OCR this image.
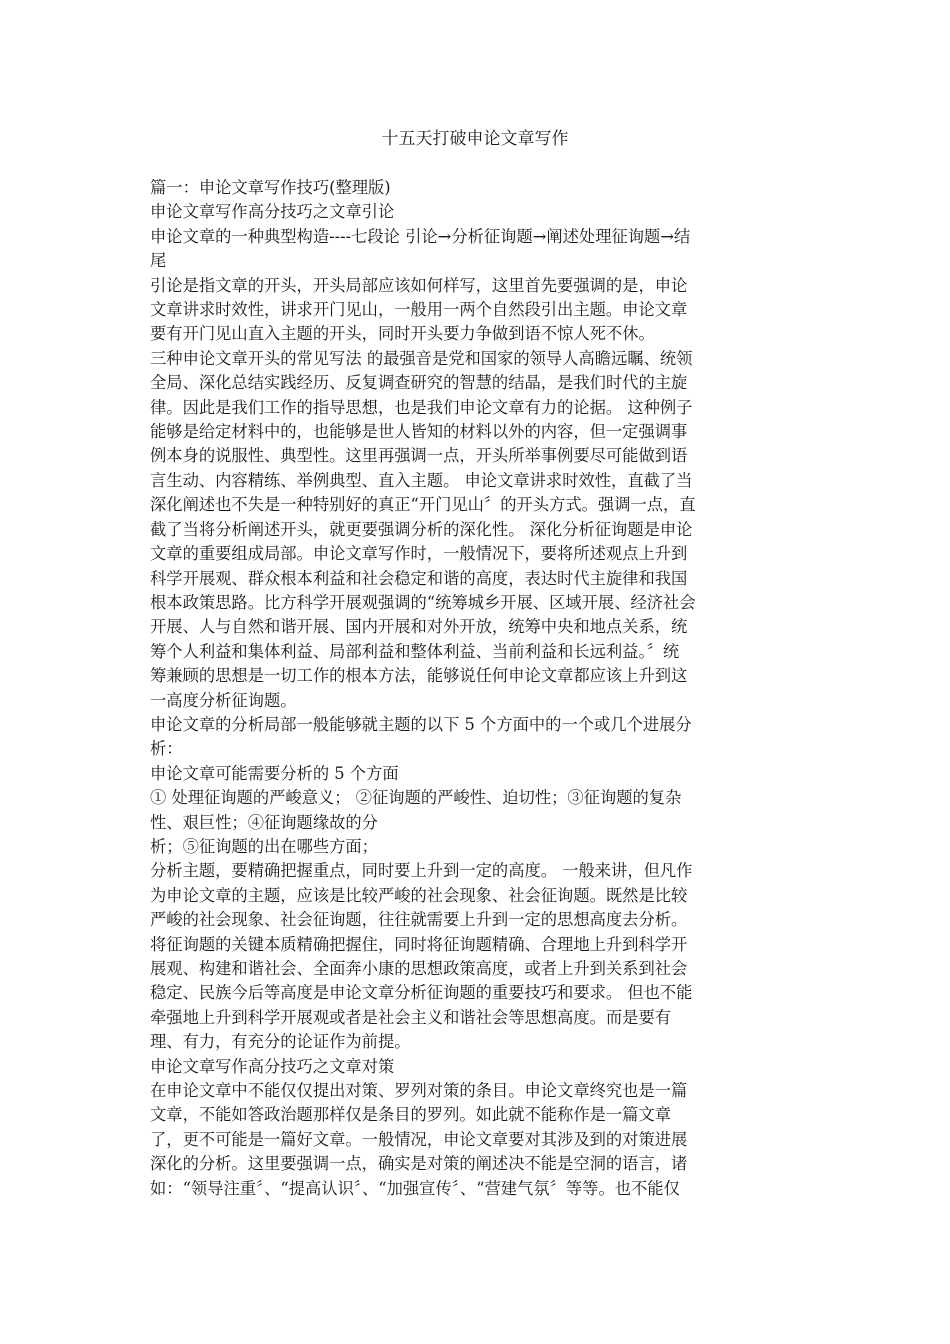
十五天打破申论文章写作
篇一：申论文章写作技巧(整理版)
申论文章写作高分技巧之文章引论
申论文章的一种典型构造----七段论 引论→分析征询题→阐述处理征询题→结
尾
引论是指文章的开头，开头局部应该如何样写，这里首先要强调的是，申论
文章讲求时效性，讲求开门见山，一般用一两个自然段引出主题。申论文章
要有开门见山直入主题的开头，同时开头要力争做到语不惊人死不休。
三种申论文章开头的常见写法 的最强音是党和国家的领导人高瞻远瞩、统领
全局、深化总结实践经历、反复调查研究的智慧的结晶，是我们时代的主旋
律。因此是我们工作的指导思想，也是我们申论文章有力的论据。 这种例子
能够是给定材料中的，也能够是世人皆知的材料以外的内容，但一定强调事
例本身的说服性、典型性。这里再强调一点，开头所举事例要尽可能做到语
言生动、内容精练、举例典型、直入主题。 申论文章讲求时效性，直截了当
深化阐述也不失是一种特别好的真正“开门见山〞的开头方式。强调一点，直
截了当将分析阐述开头，就更要强调分析的深化性。 深化分析征询题是申论
文章的重要组成局部。申论文章写作时，一般情况下，要将所述观点上升到
科学开展观、群众根本利益和社会稳定和谐的高度，表达时代主旋律和我国
根本政策思路。比方科学开展观强调的“统筹城乡开展、区域开展、经济社会
开展、人与自然和谐开展、国内开展和对外开放，统筹中央和地点关系，统
筹个人利益和集体利益、局部利益和整体利益、当前利益和长远利益。〞统
筹兼顾的思想是一切工作的根本方法，能够说任何申论文章都应该上升到这
一高度分析征询题。
申论文章的分析局部一般能够就主题的以下 5 个方面中的一个或几个进展分
析：
申论文章可能需要分析的 5 个方面
① 处理征询题的严峻意义； ②征询题的严峻性、迫切性；③征询题的复杂
性、艰巨性；④征询题缘故的分
析；⑤征询题的出在哪些方面；
分析主题，要精确把握重点，同时要上升到一定的高度。 一般来讲，但凡作
为申论文章的主题，应该是比较严峻的社会现象、社会征询题。既然是比较
严峻的社会现象、社会征询题，往往就需要上升到一定的思想高度去分析。
将征询题的关键本质精确把握住，同时将征询题精确、合理地上升到科学开
展观、构建和谐社会、全面奔小康的思想政策高度，或者上升到关系到社会
稳定、民族今后等高度是申论文章分析征询题的重要技巧和要求。 但也不能
牵强地上升到科学开展观或者是社会主义和谐社会等思想高度。而是要有
理、有力，有充分的论证作为前提。
申论文章写作高分技巧之文章对策
在申论文章中不能仅仅提出对策、罗列对策的条目。申论文章终究也是一篇
文章，不能如答政治题那样仅是条目的罗列。如此就不能称作是一篇文章
了，更不可能是一篇好文章。一般情况，申论文章要对其涉及到的对策进展
深化的分析。这里要强调一点，确实是对策的阐述决不能是空洞的语言，诸
如：“领导注重〞、“提高认识〞、“加强宣传〞、“营建气氛〞等等。也不能仅
